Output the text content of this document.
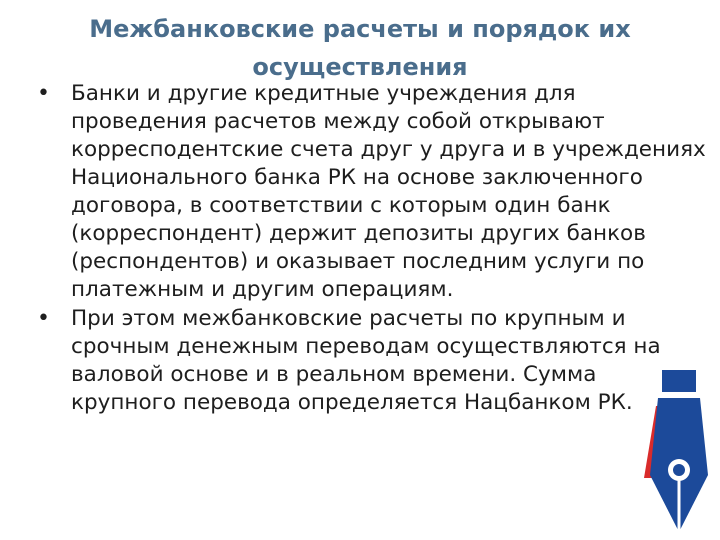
Межбанковские расчеты и порядок их осуществления
• Банки и другие кредитные учреждения для проведения расчетов между собой открывают корресподентские счета друг у друга и в учреждениях Национального банка РК на основе заключенного договора, в соответствии с которым один банк (корреспондент) держит депозиты других банков (респондентов) и оказывает последним услуги по платежным и другим операциям.
• При этом межбанковские расчеты по крупным и срочным денежным переводам осуществляются на валовой основе и в реальном времени. Сумма крупного перевода определяется Нацбанком РК.
